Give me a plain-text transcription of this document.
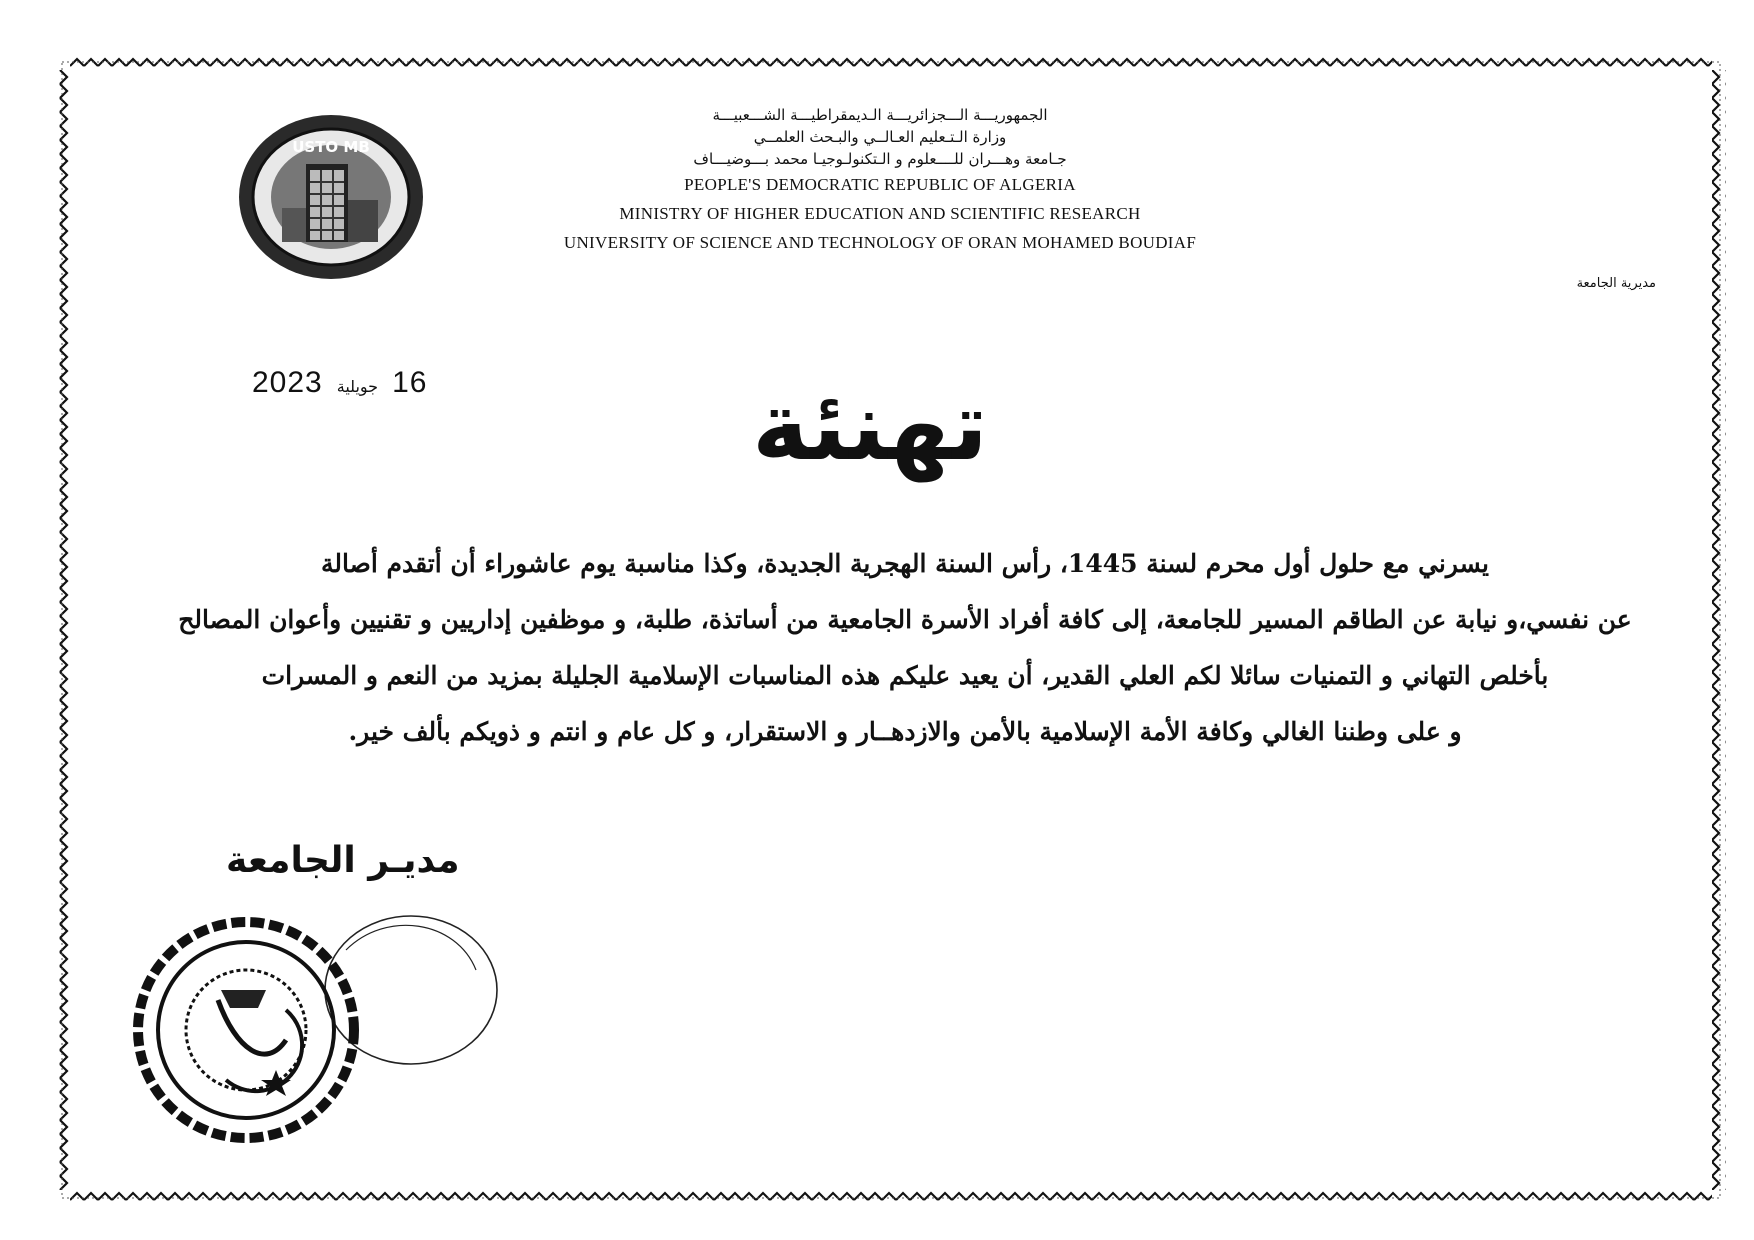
USTO MB
الجمهوريـــة الـــجزائريـــة الـديمقراطيـــة الشـــعبيـــة
وزارة الـتـعليم العـالــي والبـحث العلمــي
جـامعة وهـــران للــــعلوم و الـتكنولـوجيـا محمد بـــوضيـــاف
PEOPLE'S DEMOCRATIC REPUBLIC OF ALGERIA
MINISTRY OF HIGHER EDUCATION AND SCIENTIFIC RESEARCH
UNIVERSITY OF SCIENCE AND TECHNOLOGY OF ORAN MOHAMED BOUDIAF
مديرية الجامعة
2023 جويلية 16	تهنئة
يسرني مع حلول أول محرم لسنة 1445، رأس السنة الهجرية الجديدة، وكذا مناسبة يوم عاشوراء أن أتقدم أصالة
عن نفسي،و نيابة عن الطاقم المسير للجامعة، إلى كافة أفراد الأسرة الجامعية من أساتذة، طلبة، و موظفين إداريين و تقنيين وأعوان المصالح
بأخلص التهاني و التمنيات سائلا لكم العلي القدير، أن يعيد عليكم هذه المناسبات الإسلامية الجليلة بمزيد من النعم و المسرات
و على وطننا الغالي وكافة الأمة الإسلامية بالأمن والازدهــار و الاستقرار، و كل عام و انتم و ذويكم بألف خير.
مديـر الجامعة
